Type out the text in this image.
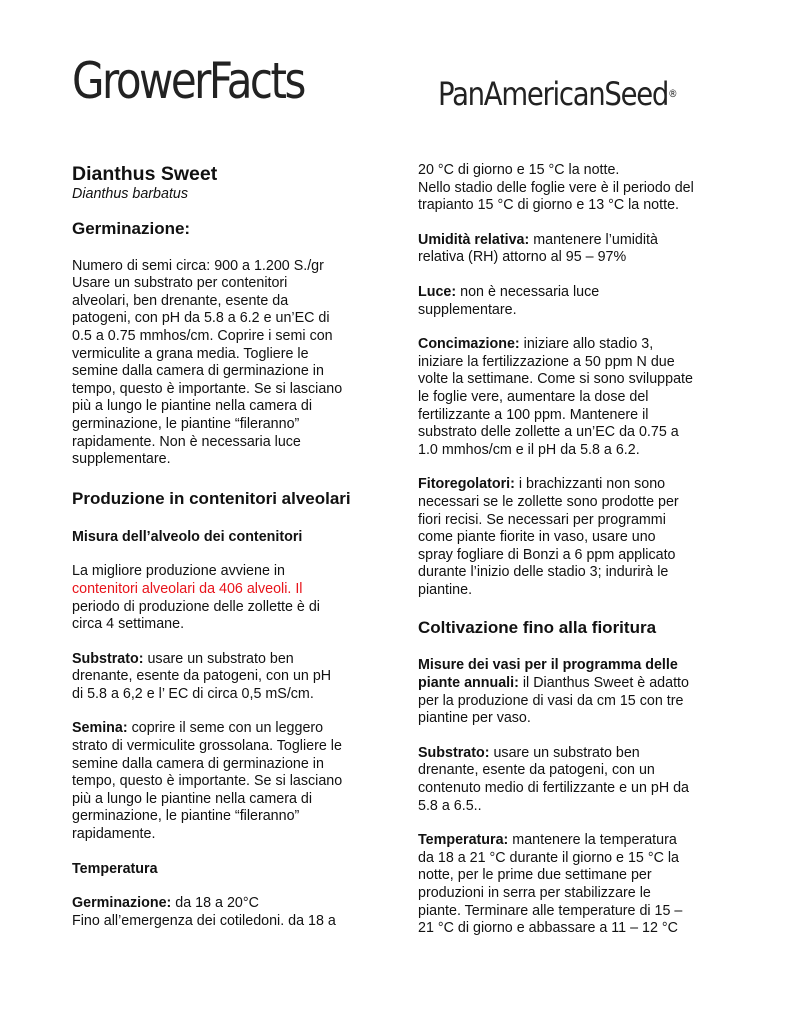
GrowerFacts	PanAmericanSeed®
Dianthus Sweet
Dianthus barbatus
Germinazione:
Numero di semi circa: 900 a 1.200 S./gr
Usare un substrato per contenitori
alveolari, ben drenante, esente da
patogeni, con pH da 5.8 a 6.2 e un’EC di
0.5 a 0.75 mmhos/cm. Coprire i semi con
vermiculite a grana media. Togliere le
semine dalla camera di germinazione in
tempo, questo è importante. Se si lasciano
più a lungo le piantine nella camera di
germinazione, le piantine “fileranno”
rapidamente. Non è necessaria luce
supplementare.
Produzione in contenitori alveolari
Misura dell’alveolo dei contenitori
La migliore produzione avviene in
contenitori alveolari da 406 alveoli. Il
periodo di produzione delle zollette è di
circa 4 settimane.
Substrato: usare un substrato ben
drenante, esente da patogeni, con un pH
di 5.8 a 6,2 e l’ EC di circa 0,5 mS/cm.
Semina: coprire il seme con un leggero
strato di vermiculite grossolana. Togliere le
semine dalla camera di germinazione in
tempo, questo è importante. Se si lasciano
più a lungo le piantine nella camera di
germinazione, le piantine “fileranno”
rapidamente.
Temperatura
Germinazione: da 18 a 20°C
Fino all’emergenza dei cotiledoni. da 18 a
20 °C di giorno e 15 °C la notte.
Nello stadio delle foglie vere è il periodo del
trapianto 15 °C di giorno e 13 °C la notte.
Umidità relativa: mantenere l’umidità
relativa (RH) attorno al 95 – 97%
Luce: non è necessaria luce
supplementare.
Concimazione: iniziare allo stadio 3,
iniziare la fertilizzazione a 50 ppm N due
volte la settimane. Come si sono sviluppate
le foglie vere, aumentare la dose del
fertilizzante a 100 ppm. Mantenere il
substrato delle zollette a un’EC da 0.75 a
1.0 mmhos/cm e il pH da 5.8 a 6.2.
Fitoregolatori: i brachizzanti non sono
necessari se le zollette sono prodotte per
fiori recisi. Se necessari per programmi
come piante fiorite in vaso, usare uno
spray fogliare di Bonzi a 6 ppm applicato
durante l’inizio delle stadio 3; indurirà le
piantine.
Coltivazione fino alla fioritura
Misure dei vasi per il programma delle
piante annuali: il Dianthus Sweet è adatto
per la produzione di vasi da cm 15 con tre
piantine per vaso.
Substrato: usare un substrato ben
drenante, esente da patogeni, con un
contenuto medio di fertilizzante e un pH da
5.8 a 6.5..
Temperatura: mantenere la temperatura
da 18 a 21 °C durante il giorno e 15 °C la
notte, per le prime due settimane per
produzioni in serra per stabilizzare le
piante. Terminare alle temperature di 15 –
21 °C di giorno e abbassare a 11 – 12 °C
